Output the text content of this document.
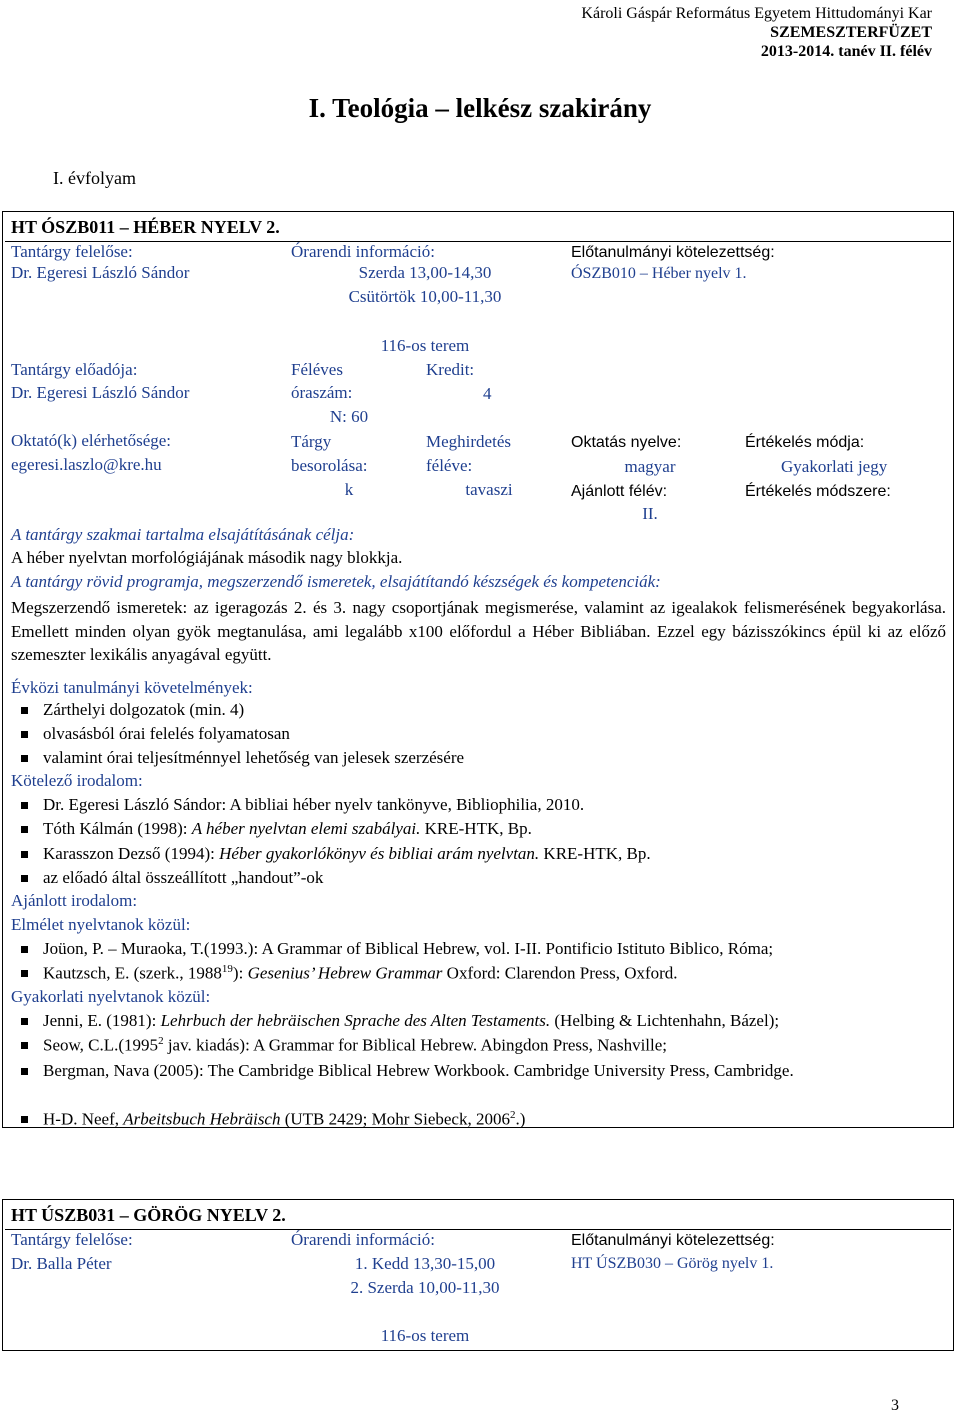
Károli Gáspár Református Egyetem Hittudományi Kar
SZEMESZTERFÜZET
2013-2014. tanév II. félév
I. Teológia – lelkész szakirány
I. évfolyam
HT ÓSZB011 – HÉBER NYELV 2.
Tantárgy felelőse:
Dr. Egeresi László Sándor
Órarendi információ:
Szerda 13,00-14,30
Csütörtök 10,00-11,30
116-os terem
Előtanulmányi kötelezettség:
ÓSZB010 – Héber nyelv 1.
Tantárgy előadója:
Dr. Egeresi László Sándor
Féléves
óraszám:
N: 60
Kredit:
4
Oktató(k) elérhetősége:
egeresi.laszlo@kre.hu
Tárgy
besorolása:
k
Meghirdetés
féléve:
tavaszi
Oktatás nyelve:
magyar
Ajánlott félév:
II.
Értékelés módja:
Gyakorlati jegy
Értékelés módszere:
A tantárgy szakmai tartalma elsajátításának célja:
A héber nyelvtan morfológiájának második nagy blokkja.
A tantárgy rövid programja, megszerzendő ismeretek, elsajátítandó készségek és kompetenciák:
Megszerzendő ismeretek: az igeragozás 2. és 3. nagy csoportjának megismerése, valamint az igealakok felismerésének begyakorlása. Emellett minden olyan gyök megtanulása, ami legalább x100 előfordul a Héber Bibliában. Ezzel egy bázisszókincs épül ki az előző szemeszter lexikális anyagával együtt.
Évközi tanulmányi követelmények:
Zárthelyi dolgozatok (min. 4)
olvasásból órai felelés folyamatosan
valamint órai teljesítménnyel lehetőség van jelesek szerzésére
Kötelező irodalom:
Dr. Egeresi László Sándor: A bibliai héber nyelv tankönyve, Bibliophilia, 2010.
Tóth Kálmán (1998): A héber nyelvtan elemi szabályai. KRE-HTK, Bp.
Karasszon Dezső (1994): Héber gyakorlókönyv és bibliai arám nyelvtan. KRE-HTK, Bp.
az előadó által összeállított „handout”-ok
Ajánlott irodalom:
Elmélet nyelvtanok közül:
Joüon, P. – Muraoka, T.(1993.): A Grammar of Biblical Hebrew, vol. I-II. Pontificio Istituto Biblico, Róma;
Kautzsch, E. (szerk., 1988$^{19}$): Gesenius’ Hebrew Grammar Oxford: Clarendon Press, Oxford.
Gyakorlati nyelvtanok közül:
Jenni, E. (1981): Lehrbuch der hebräischen Sprache des Alten Testaments. (Helbing & Lichtenhahn, Bázel);
Seow, C.L.(1995$^2$ jav. kiadás): A Grammar for Biblical Hebrew. Abingdon Press, Nashville;
Bergman, Nava (2005): The Cambridge Biblical Hebrew Workbook. Cambridge University Press, Cambridge.
H-D. Neef, Arbeitsbuch Hebräisch (UTB 2429; Mohr Siebeck, 2006$^2$.)
HT ÚSZB031 – GÖRÖG NYELV 2.
Tantárgy felelőse:
Dr. Balla Péter
Órarendi információ:
1. Kedd 13,30-15,00
2. Szerda 10,00-11,30
116-os terem
Előtanulmányi kötelezettség:
HT ÚSZB030 – Görög nyelv 1.
3
